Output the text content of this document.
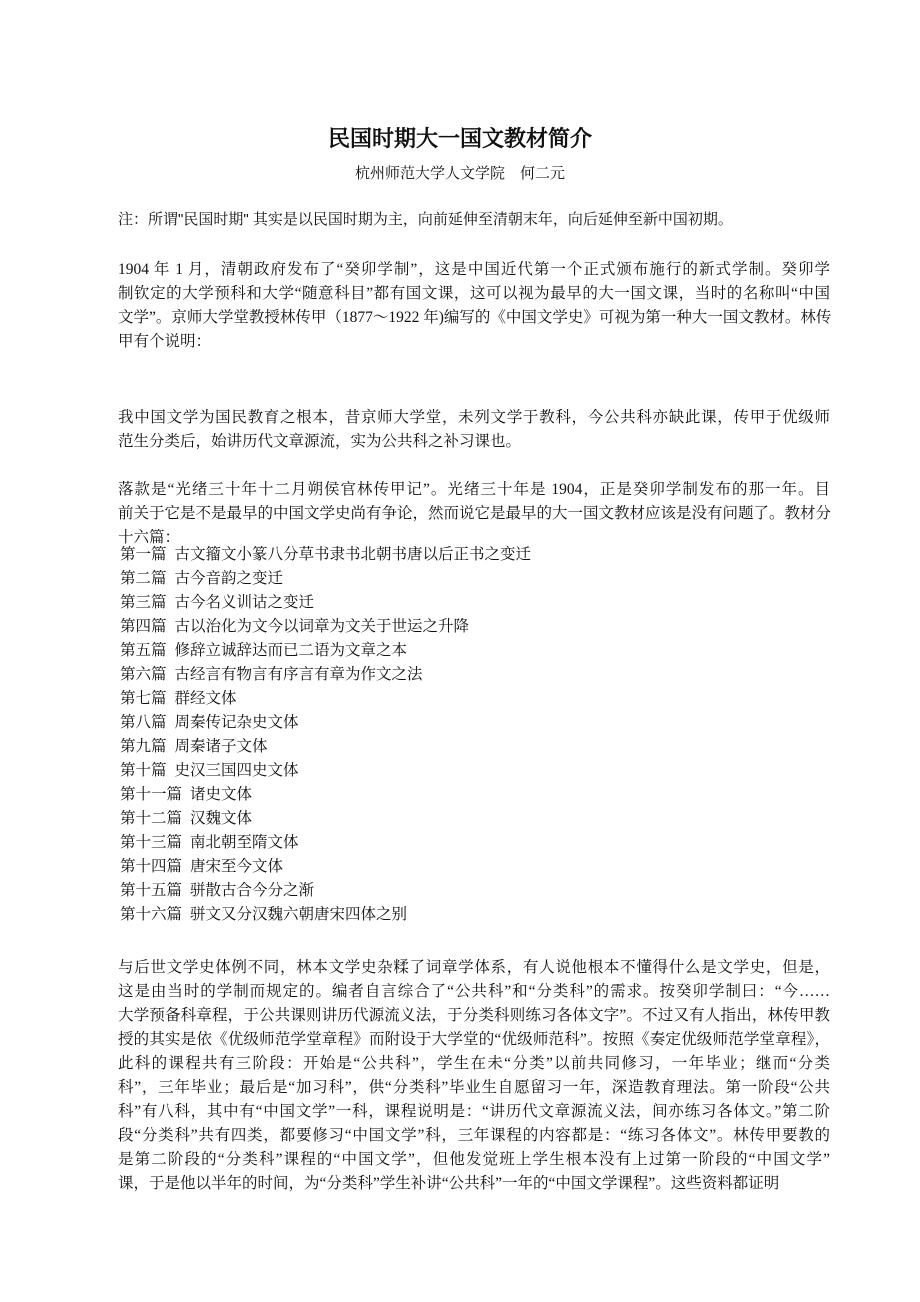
民国时期大一国文教材简介
杭州师范大学人文学院　何二元
注：所谓"民国时期" 其实是以民国时期为主，向前延伸至清朝末年，向后延伸至新中国初期。
1904 年 1 月，清朝政府发布了“癸卯学制”，这是中国近代第一个正式颁布施行的新式学制。癸卯学
制钦定的大学预科和大学“随意科目”都有国文课，这可以视为最早的大一国文课，当时的名称叫“中国
文学”。京师大学堂教授林传甲（1877～1922 年)编写的《中国文学史》可视为第一种大一国文教材。林传
甲有个说明：
我中国文学为国民教育之根本，昔京师大学堂，未列文学于教科，今公共科亦缺此课，传甲于优级师
范生分类后，始讲历代文章源流，实为公共科之补习课也。
落款是“光绪三十年十二月朔侯官林传甲记”。光绪三十年是 1904，正是癸卯学制发布的那一年。目
前关于它是不是最早的中国文学史尚有争论，然而说它是最早的大一国文教材应该是没有问题了。教材分
十六篇：
第一篇 古文籀文小篆八分草书隶书北朝书唐以后正书之变迁
第二篇 古今音韵之变迁
第三篇 古今名义训诂之变迁
第四篇 古以治化为文今以词章为文关于世运之升降
第五篇 修辞立诚辞达而已二语为文章之本
第六篇 古经言有物言有序言有章为作文之法
第七篇 群经文体
第八篇 周秦传记杂史文体
第九篇 周秦诸子文体
第十篇 史汉三国四史文体
第十一篇 诸史文体
第十二篇 汉魏文体
第十三篇 南北朝至隋文体
第十四篇 唐宋至今文体
第十五篇 骈散古合今分之渐
第十六篇 骈文又分汉魏六朝唐宋四体之别
与后世文学史体例不同，林本文学史杂糅了词章学体系，有人说他根本不懂得什么是文学史，但是，
这是由当时的学制而规定的。编者自言综合了“公共科”和“分类科”的需求。按癸卯学制曰：“今……
大学预备科章程，于公共课则讲历代源流义法，于分类科则练习各体文字”。不过又有人指出，林传甲教
授的其实是依《优级师范学堂章程》而附设于大学堂的“优级师范科”。按照《奏定优级师范学堂章程》，
此科的课程共有三阶段：开始是“公共科”，学生在未“分类”以前共同修习，一年毕业；继而“分类
科”，三年毕业；最后是“加习科”，供“分类科”毕业生自愿留习一年，深造教育理法。第一阶段“公共
科”有八科，其中有“中国文学”一科，课程说明是：“讲历代文章源流义法，间亦练习各体文。”第二阶
段“分类科”共有四类，都要修习“中国文学”科，三年课程的内容都是：“练习各体文”。林传甲要教的
是第二阶段的“分类科”课程的“中国文学”，但他发觉班上学生根本没有上过第一阶段的“中国文学”
课，于是他以半年的时间，为“分类科”学生补讲“公共科”一年的“中国文学课程”。这些资料都证明
